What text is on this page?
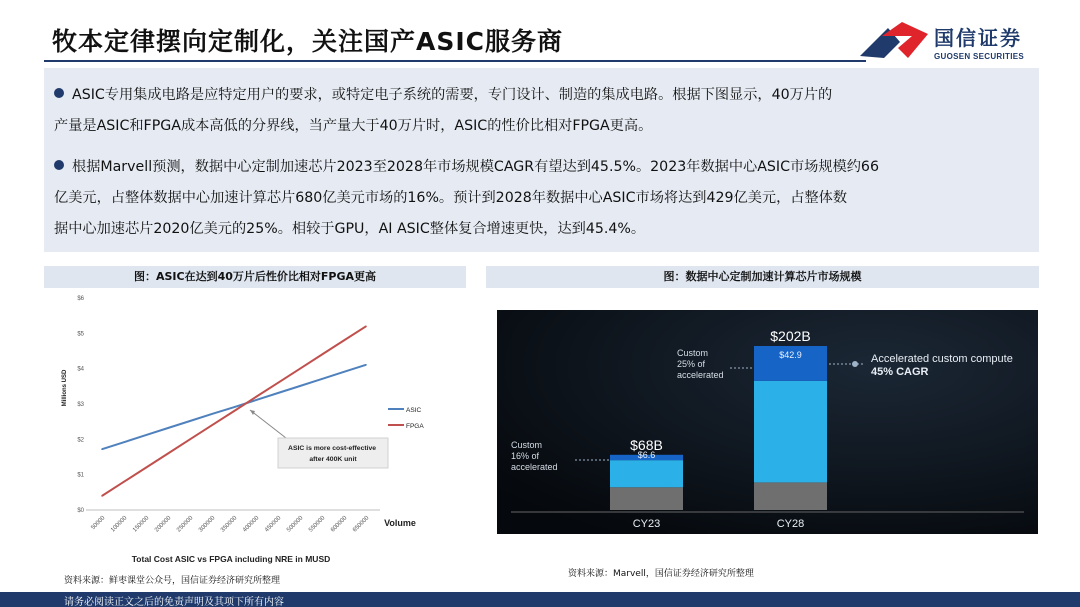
牧本定律摆向定制化，关注国产ASIC服务商	国信证券
GUOSEN SECURITIES

ASIC专用集成电路是应特定用户的要求，或特定电子系统的需要，专门设计、制造的集成电路。根据下图显示，40万片的
产量是ASIC和FPGA成本高低的分界线，当产量大于40万片时，ASIC的性价比相对FPGA更高。

根据Marvell预测，数据中心定制加速芯片2023至2028年市场规模CAGR有望达到45.5%。2023年数据中心ASIC市场规模约66
亿美元，占整体数据中心加速计算芯片680亿美元市场的16%。预计到2028年数据中心ASIC市场将达到429亿美元，占整体数
据中心加速芯片2020亿美元的25%。相较于GPU，AI ASIC整体复合增速更快，达到45.4%。

图：ASIC在达到40万片后性价比相对FPGA更高	图：数据中心定制加速计算芯片市场规模
$0
$1
$2
$3
$4
$5
$6
50000 100000 150000 200000 250000 300000 350000 400000 450000 500000 550000 600000 650000
Millions USD
Volume
Total Cost ASIC vs FPGA including NRE in MUSD
ASIC
FPGA
ASIC is more cost-effective after 400K unit
资料来源：鲜枣课堂公众号，国信证券经济研究所整理
$68B
$6.6
CY23
$202B
$42.9
CY28
Custom 16% of accelerated
Custom 25% of accelerated
Accelerated custom compute 45% CAGR
资料来源：Marvell，国信证券经济研究所整理
请务必阅读正文之后的免责声明及其项下所有内容
